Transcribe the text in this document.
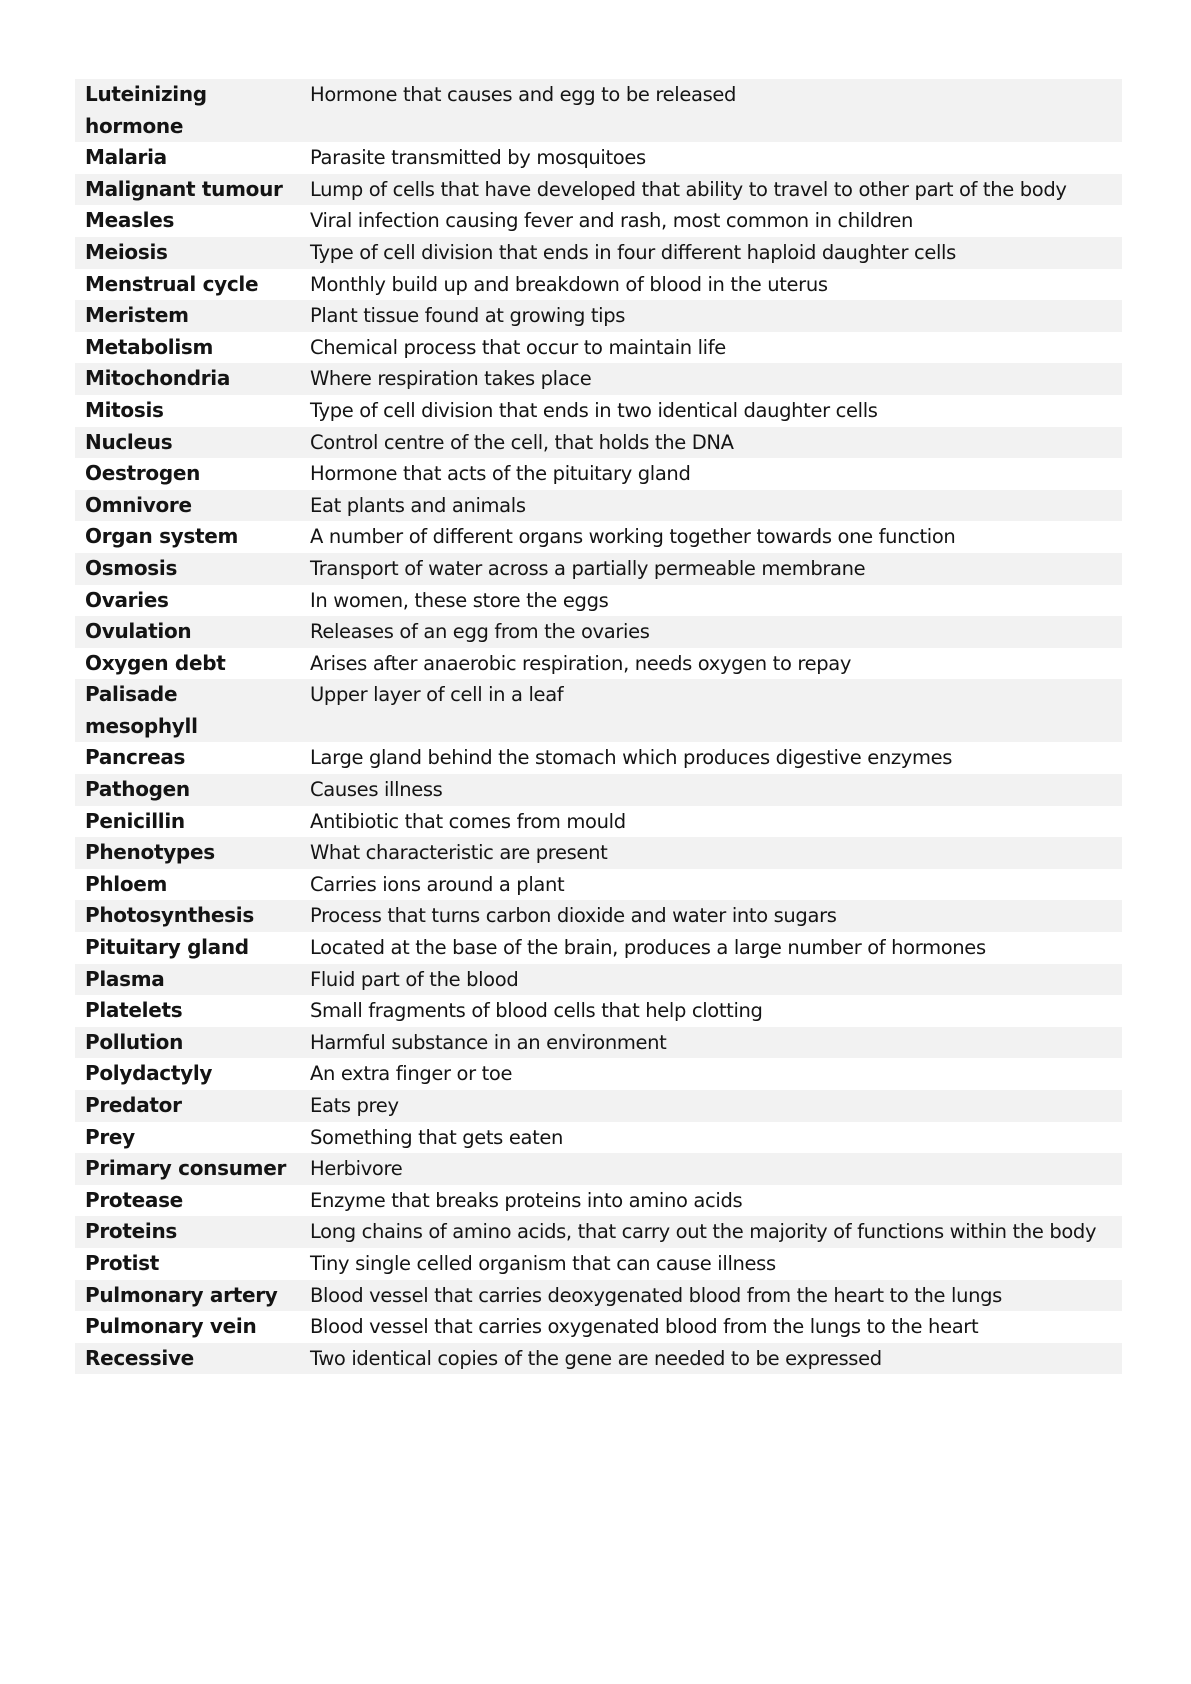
Luteinizing hormone	Hormone that causes and egg to be released
Malaria	Parasite transmitted by mosquitoes
Malignant tumour	Lump of cells that have developed that ability to travel to other part of the body
Measles	Viral infection causing fever and rash, most common in children
Meiosis	Type of cell division that ends in four different haploid daughter cells
Menstrual cycle	Monthly build up and breakdown of blood in the uterus
Meristem	Plant tissue found at growing tips
Metabolism	Chemical process that occur to maintain life
Mitochondria	Where respiration takes place
Mitosis	Type of cell division that ends in two identical daughter cells
Nucleus	Control centre of the cell, that holds the DNA
Oestrogen	Hormone that acts of the pituitary gland
Omnivore	Eat plants and animals
Organ system	A number of different organs working together towards one function
Osmosis	Transport of water across a partially permeable membrane
Ovaries	In women, these store the eggs
Ovulation	Releases of an egg from the ovaries
Oxygen debt	Arises after anaerobic respiration, needs oxygen to repay
Palisade mesophyll	Upper layer of cell in a leaf
Pancreas	Large gland behind the stomach which produces digestive enzymes
Pathogen	Causes illness
Penicillin	Antibiotic that comes from mould
Phenotypes	What characteristic are present
Phloem	Carries ions around a plant
Photosynthesis	Process that turns carbon dioxide and water into sugars
Pituitary gland	Located at the base of the brain, produces a large number of hormones
Plasma	Fluid part of the blood
Platelets	Small fragments of blood cells that help clotting
Pollution	Harmful substance in an environment
Polydactyly	An extra finger or toe
Predator	Eats prey
Prey	Something that gets eaten
Primary consumer	Herbivore
Protease	Enzyme that breaks proteins into amino acids
Proteins	Long chains of amino acids, that carry out the majority of functions within the body
Protist	Tiny single celled organism that can cause illness
Pulmonary artery	Blood vessel that carries deoxygenated blood from the heart to the lungs
Pulmonary vein	Blood vessel that carries oxygenated blood from the lungs to the heart
Recessive	Two identical copies of the gene are needed to be expressed
